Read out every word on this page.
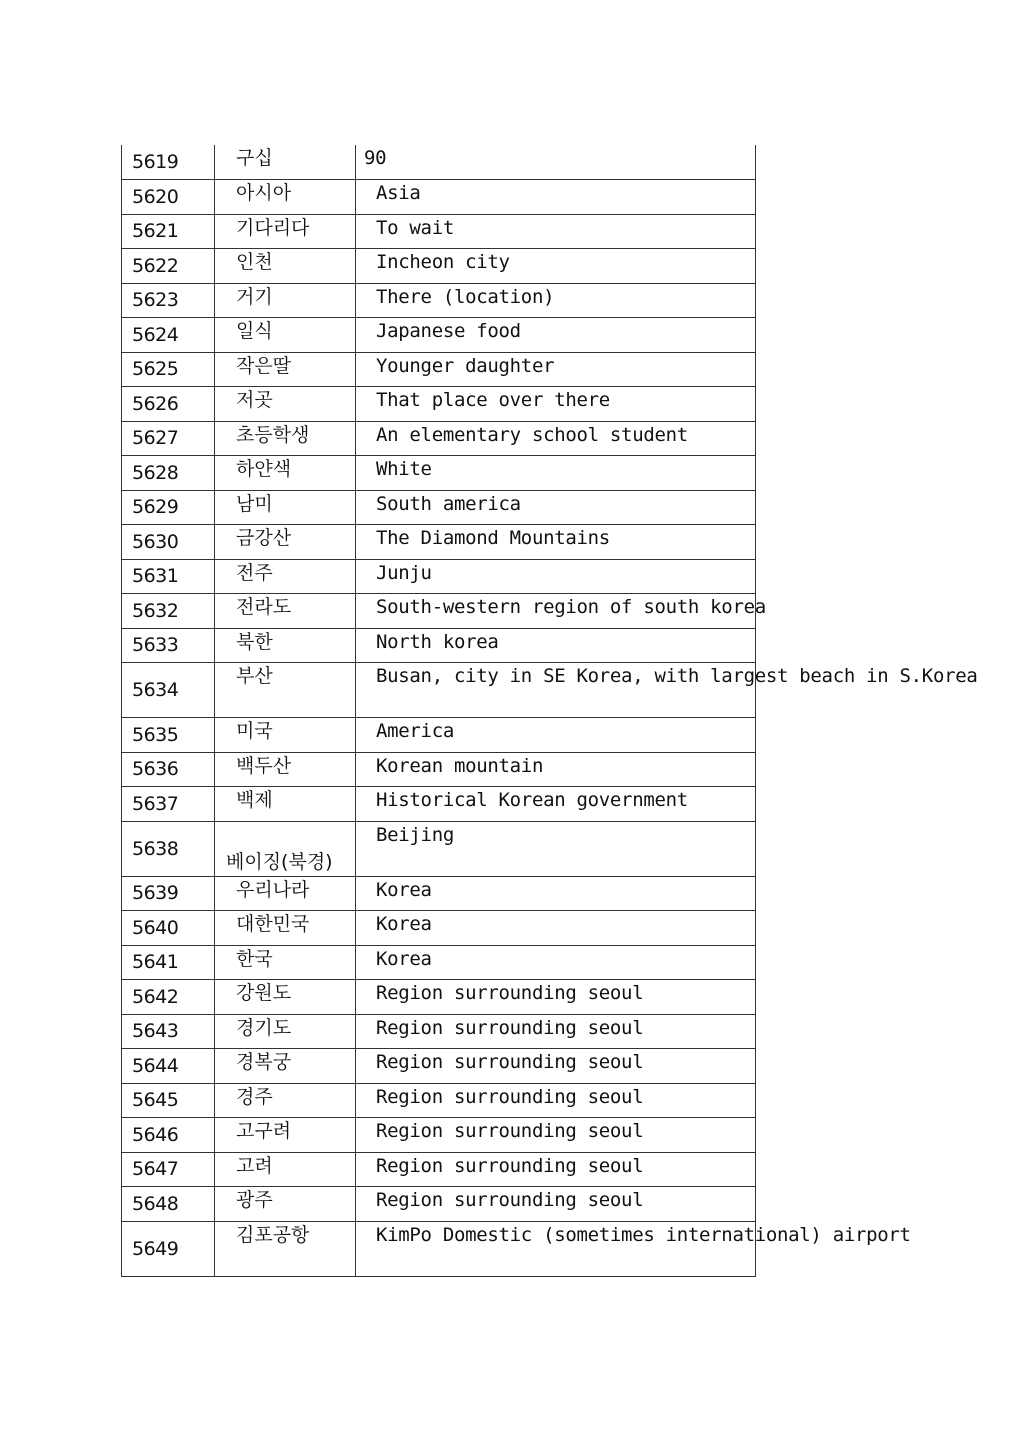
5619	구십	90
5620	아시아	Asia
5621	기다리다	To wait
5622	인천	Incheon city
5623	거기	There (location)
5624	일식	Japanese food
5625	작은딸	Younger daughter
5626	저곳	That place over there
5627	초등학생	An elementary school student
5628	하얀색	White
5629	남미	South america
5630	금강산	The Diamond Mountains
5631	전주	Junju
5632	전라도	South-western region of south korea
5633	북한	North korea
5634	부산	Busan, city in SE Korea, with largest beach in S.Korea
5635	미국	America
5636	백두산	Korean mountain
5637	백제	Historical Korean government
5638	베이징(북경)	Beijing
5639	우리나라	Korea
5640	대한민국	Korea
5641	한국	Korea
5642	강원도	Region surrounding seoul
5643	경기도	Region surrounding seoul
5644	경복궁	Region surrounding seoul
5645	경주	Region surrounding seoul
5646	고구려	Region surrounding seoul
5647	고려	Region surrounding seoul
5648	광주	Region surrounding seoul
5649	김포공항	KimPo Domestic (sometimes international) airport
